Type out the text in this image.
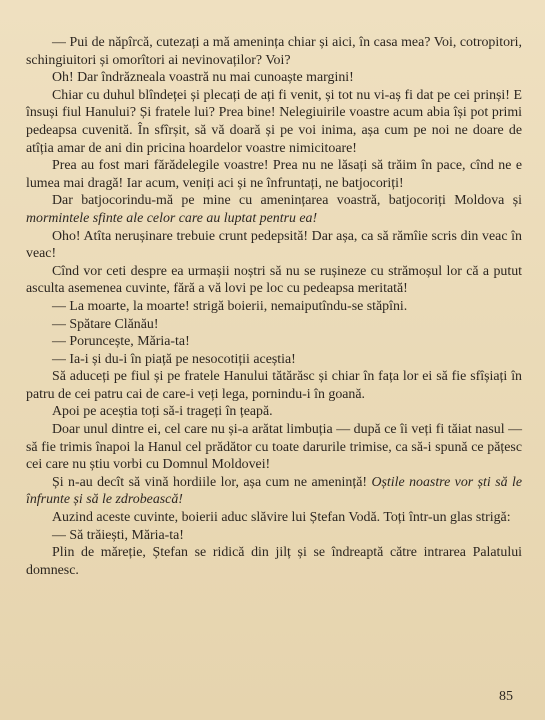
— Pui de năpîrcă, cutezați a mă amenința chiar și aici, în casa mea? Voi, cotropitori, schingiuitori și omorîtori ai nevinovaților? Voi?

Oh! Dar îndrăzneala voastră nu mai cunoaște margini!

Chiar cu duhul blîndeței și plecați de ați fi venit, și tot nu vi-aș fi dat pe cei prinși! E însuși fiul Hanului? Și fratele lui? Prea bine! Nelegiuirile voastre acum abia își pot primi pedeapsa cuvenită. În sfîrșit, să vă doară și pe voi inima, așa cum pe noi ne doare de atîția amar de ani din pricina hoardelor voastre nimicitoare!

Prea au fost mari fărădelegile voastre! Prea nu ne lăsați să trăim în pace, cînd ne e lumea mai dragă! Iar acum, veniți aci și ne înfruntați, ne batjocoriți!

Dar batjocorindu-mă pe mine cu amenințarea voastră, batjocoriți Moldova și mormintele sfinte ale celor care au luptat pentru ea!

Oho! Atîta nerușinare trebuie crunt pedepsită! Dar așa, ca să rămîie scris din veac în veac!

Cînd vor ceti despre ea urmașii noștri să nu se rușineze cu strămoșul lor că a putut asculta asemenea cuvinte, fără a vă lovi pe loc cu pedeapsa meritată!

— La moarte, la moarte! strigă boierii, nemaiputîndu-se stăpîni.

— Spătare Clănău!

— Poruncește, Măria-ta!

— Ia-i și du-i în piață pe nesocotiții aceștia!

Să aduceți pe fiul și pe fratele Hanului tătărăsc și chiar în fața lor ei să fie sfîșiați în patru de cei patru cai de care-i veți lega, pornindu-i în goană.

Apoi pe aceștia toți să-i trageți în țeapă.

Doar unul dintre ei, cel care nu și-a arătat limbuția — după ce îi veți fi tăiat nasul — să fie trimis înapoi la Hanul cel prădător cu toate darurile trimise, ca să-i spună ce pățesc cei care nu știu vorbi cu Domnul Moldovei!

Și n-au decît să vină hordiile lor, așa cum ne amenință! Oștile noastre vor ști să le înfrunte și să le zdrobească!

Auzind aceste cuvinte, boierii aduc slăvire lui Ștefan Vodă. Toți într-un glas strigă:

— Să trăiești, Măria-ta!

Plin de măreție, Ștefan se ridică din jilț și se îndreaptă către intrarea Palatului domnesc.

85
